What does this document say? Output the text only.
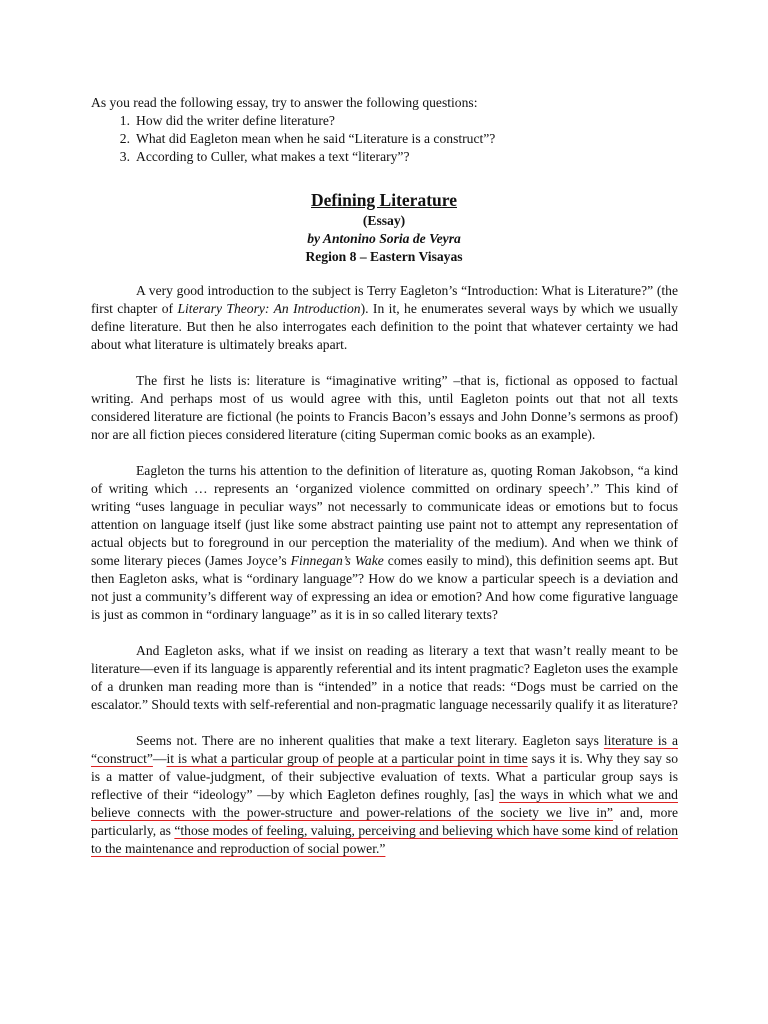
As you read the following essay, try to answer the following questions:
1. How did the writer define literature?
2. What did Eagleton mean when he said “Literature is a construct”?
3. According to Culler, what makes a text “literary”?
Defining Literature
(Essay)
by Antonino Soria de Veyra
Region 8 – Eastern Visayas

A very good introduction to the subject is Terry Eagleton’s “Introduction: What is Literature?” (the first chapter of Literary Theory: An Introduction). In it, he enumerates several ways by which we usually define literature. But then he also interrogates each definition to the point that whatever certainty we had about what literature is ultimately breaks apart.

The first he lists is: literature is “imaginative writing” –that is, fictional as opposed to factual writing. And perhaps most of us would agree with this, until Eagleton points out that not all texts considered literature are fictional (he points to Francis Bacon’s essays and John Donne’s sermons as proof) nor are all fiction pieces considered literature (citing Superman comic books as an example).

Eagleton the turns his attention to the definition of literature as, quoting Roman Jakobson, “a kind of writing which … represents an ‘organized violence committed on ordinary speech’.” This kind of writing “uses language in peculiar ways” not necessarly to communicate ideas or emotions but to focus attention on language itself (just like some abstract painting use paint not to attempt any representation of actual objects but to foreground in our perception the materiality of the medium). And when we think of some literary pieces (James Joyce’s Finnegan’s Wake comes easily to mind), this definition seems apt. But then Eagleton asks, what is “ordinary language”? How do we know a particular speech is a deviation and not just a community’s different way of expressing an idea or emotion? And how come figurative language is just as common in “ordinary language” as it is in so called literary texts?

And Eagleton asks, what if we insist on reading as literary a text that wasn’t really meant to be literature—even if its language is apparently referential and its intent pragmatic? Eagleton uses the example of a drunken man reading more than is “intended” in a notice that reads: “Dogs must be carried on the escalator.” Should texts with self-referential and non-pragmatic language necessarily qualify it as literature?

Seems not. There are no inherent qualities that make a text literary. Eagleton says literature is a “construct”—it is what a particular group of people at a particular point in time says it is. Why they say so is a matter of value-judgment, of their subjective evaluation of texts. What a particular group says is reflective of their “ideology” —by which Eagleton defines roughly, [as] the ways in which what we and believe connects with the power-structure and power-relations of the society we live in” and, more particularly, as “those modes of feeling, valuing, perceiving and believing which have some kind of relation to the maintenance and reproduction of social power.”
